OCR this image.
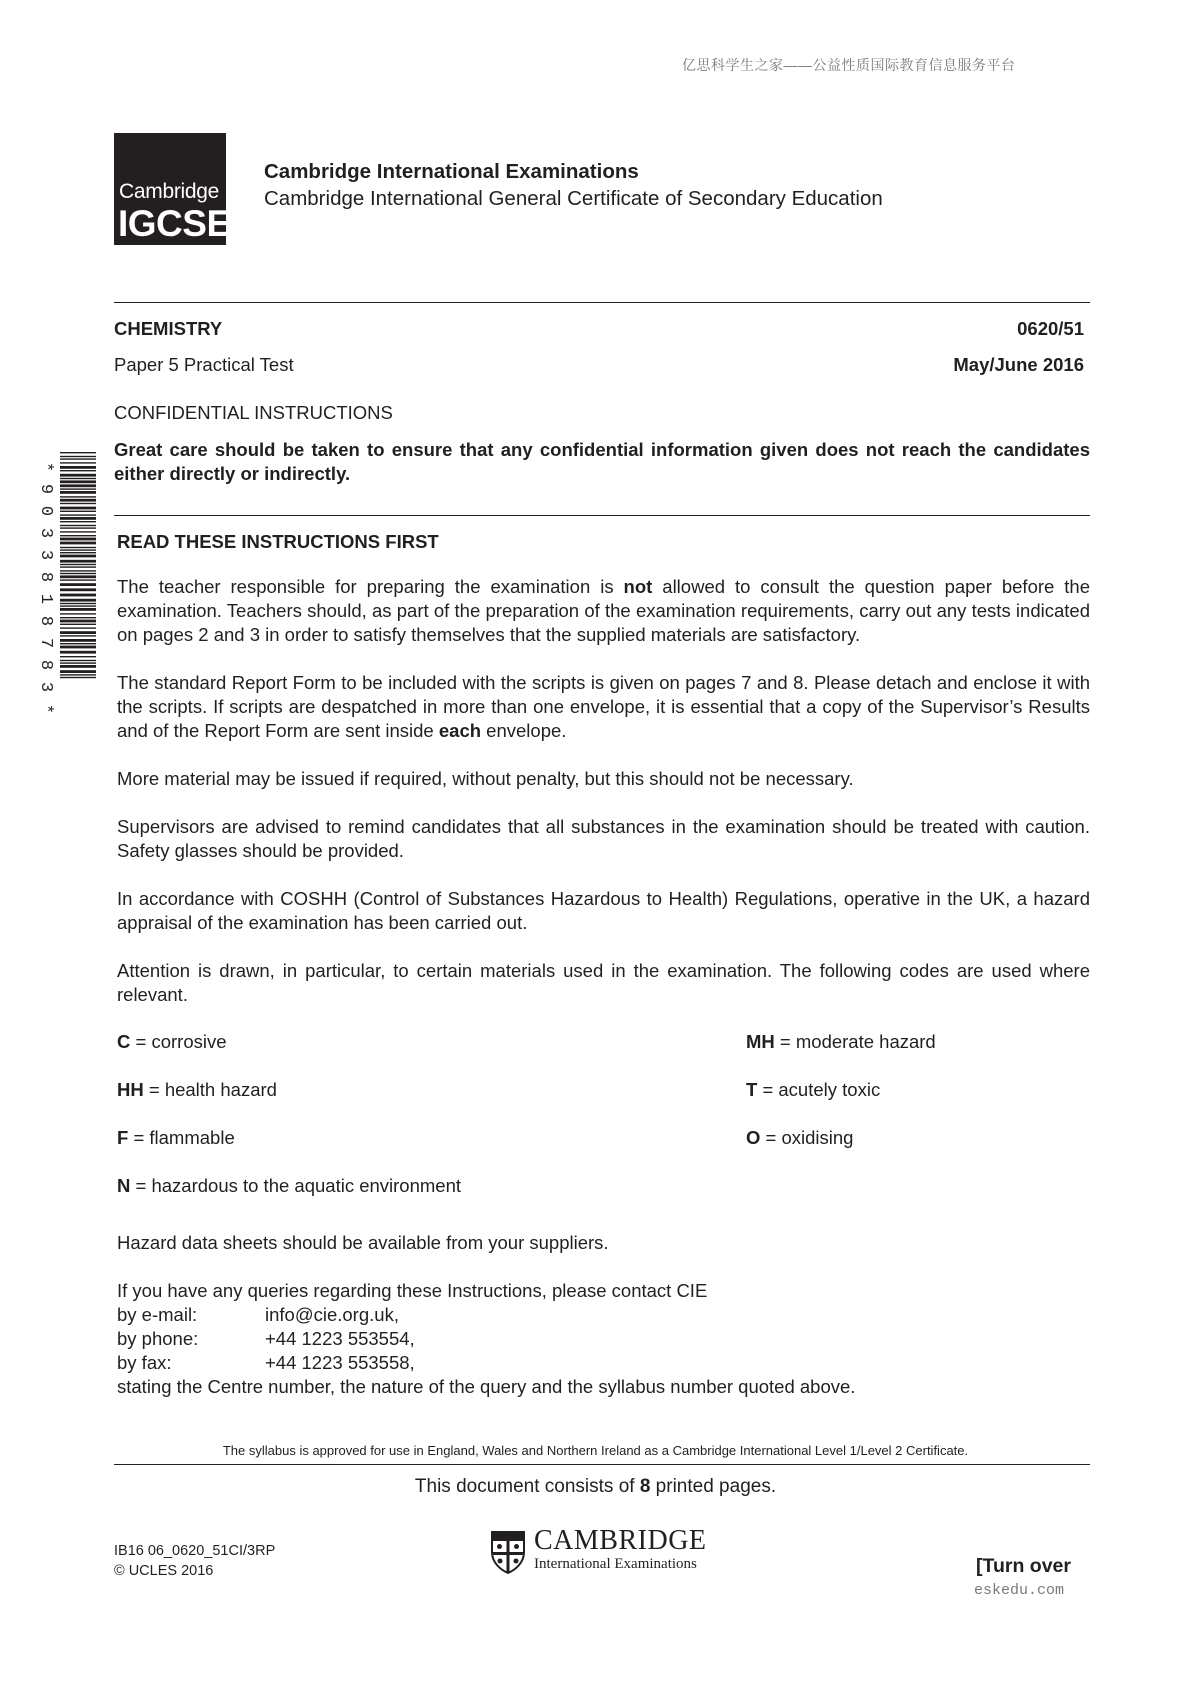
亿思科学生之家——公益性质国际教育信息服务平台
Cambridge
IGCSE
Cambridge International Examinations
Cambridge International General Certificate of Secondary Education
CHEMISTRY	0620/51
Paper 5 Practical Test	May/June 2016
CONFIDENTIAL INSTRUCTIONS
Great care should be taken to ensure that any confidential information given does not reach the candidates either directly or indirectly.
*
9
0
3
3
8
1
8
7
8
3
*
READ THESE INSTRUCTIONS FIRST
The teacher responsible for preparing the examination is not allowed to consult the question paper before the examination. Teachers should, as part of the preparation of the examination requirements, carry out any tests indicated on pages 2 and 3 in order to satisfy themselves that the supplied materials are satisfactory.
The standard Report Form to be included with the scripts is given on pages 7 and 8. Please detach and enclose it with the scripts. If scripts are despatched in more than one envelope, it is essential that a copy of the Supervisor’s Results and of the Report Form are sent inside each envelope.
More material may be issued if required, without penalty, but this should not be necessary.
Supervisors are advised to remind candidates that all substances in the examination should be treated with caution. Safety glasses should be provided.
In accordance with COSHH (Control of Substances Hazardous to Health) Regulations, operative in the UK, a hazard appraisal of the examination has been carried out.
Attention is drawn, in particular, to certain materials used in the examination. The following codes are used where relevant.
C = corrosive	MH = moderate hazard
HH = health hazard	T = acutely toxic
F = flammable	O = oxidising
N = hazardous to the aquatic environment
Hazard data sheets should be available from your suppliers.
If you have any queries regarding these Instructions, please contact CIE
by e-mail:	info@cie.org.uk,
by phone:	+44 1223 553554,
by fax:	+44 1223 553558,
stating the Centre number, the nature of the query and the syllabus number quoted above.
The syllabus is approved for use in England, Wales and Northern Ireland as a Cambridge International Level 1/Level 2 Certificate.
This document consists of 8 printed pages.
IB16 06_0620_51CI/3RP
© UCLES 2016
CAMBRIDGE
International Examinations	[Turn over
eskedu.com
